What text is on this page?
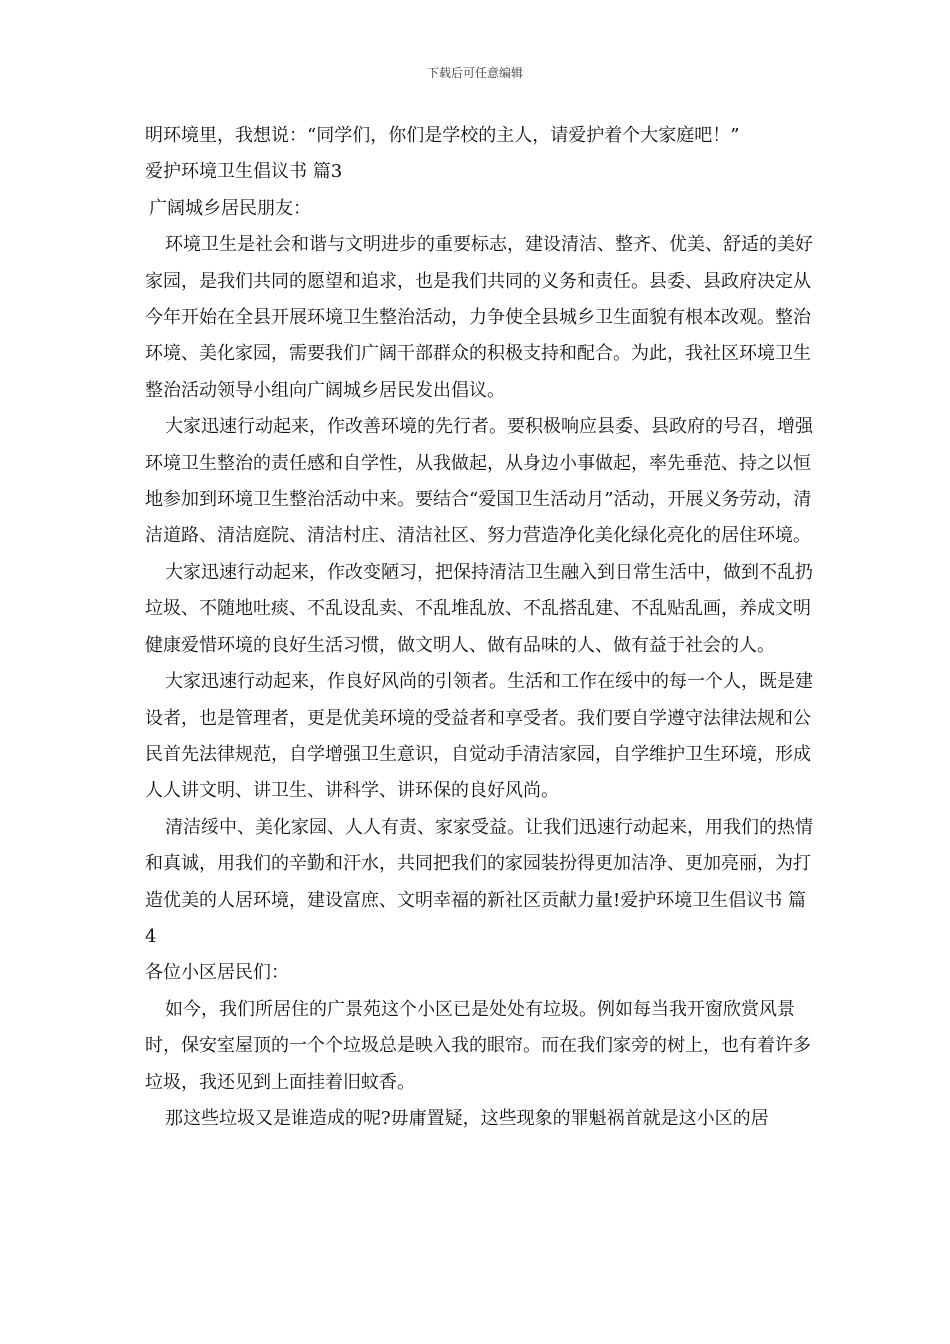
下载后可任意编辑

明环境里，我想说：“同学们，你们是学校的主人，请爱护着个大家庭吧！”

爱护环境卫生倡议书 篇3

广阔城乡居民朋友：

环境卫生是社会和谐与文明进步的重要标志，建设清洁、整齐、优美、舒适的美好家园，是我们共同的愿望和追求，也是我们共同的义务和责任。县委、县政府决定从今年开始在全县开展环境卫生整治活动，力争使全县城乡卫生面貌有根本改观。整治环境、美化家园，需要我们广阔干部群众的积极支持和配合。为此，我社区环境卫生整治活动领导小组向广阔城乡居民发出倡议。

大家迅速行动起来，作改善环境的先行者。要积极响应县委、县政府的号召，增强环境卫生整治的责任感和自学性，从我做起，从身边小事做起，率先垂范、持之以恒地参加到环境卫生整治活动中来。要结合“爱国卫生活动月”活动，开展义务劳动，清洁道路、清洁庭院、清洁村庄、清洁社区、努力营造净化美化绿化亮化的居住环境。

大家迅速行动起来，作改变陋习，把保持清洁卫生融入到日常生活中，做到不乱扔垃圾、不随地吐痰、不乱设乱卖、不乱堆乱放、不乱搭乱建、不乱贴乱画，养成文明健康爱惜环境的良好生活习惯，做文明人、做有品味的人、做有益于社会的人。

大家迅速行动起来，作良好风尚的引领者。生活和工作在绥中的每一个人，既是建设者，也是管理者，更是优美环境的受益者和享受者。我们要自学遵守法律法规和公民首先法律规范，自学增强卫生意识，自觉动手清洁家园，自学维护卫生环境，形成人人讲文明、讲卫生、讲科学、讲环保的良好风尚。

清洁绥中、美化家园、人人有责、家家受益。让我们迅速行动起来，用我们的热情和真诚，用我们的辛勤和汗水，共同把我们的家园装扮得更加洁净、更加亮丽，为打造优美的人居环境，建设富庶、文明幸福的新社区贡献力量!爱护环境卫生倡议书 篇4

各位小区居民们：

如今，我们所居住的广景苑这个小区已是处处有垃圾。例如每当我开窗欣赏风景时，保安室屋顶的一个个垃圾总是映入我的眼帘。而在我们家旁的树上，也有着许多垃圾，我还见到上面挂着旧蚊香。

那这些垃圾又是谁造成的呢?毋庸置疑，这些现象的罪魁祸首就是这小区的居
